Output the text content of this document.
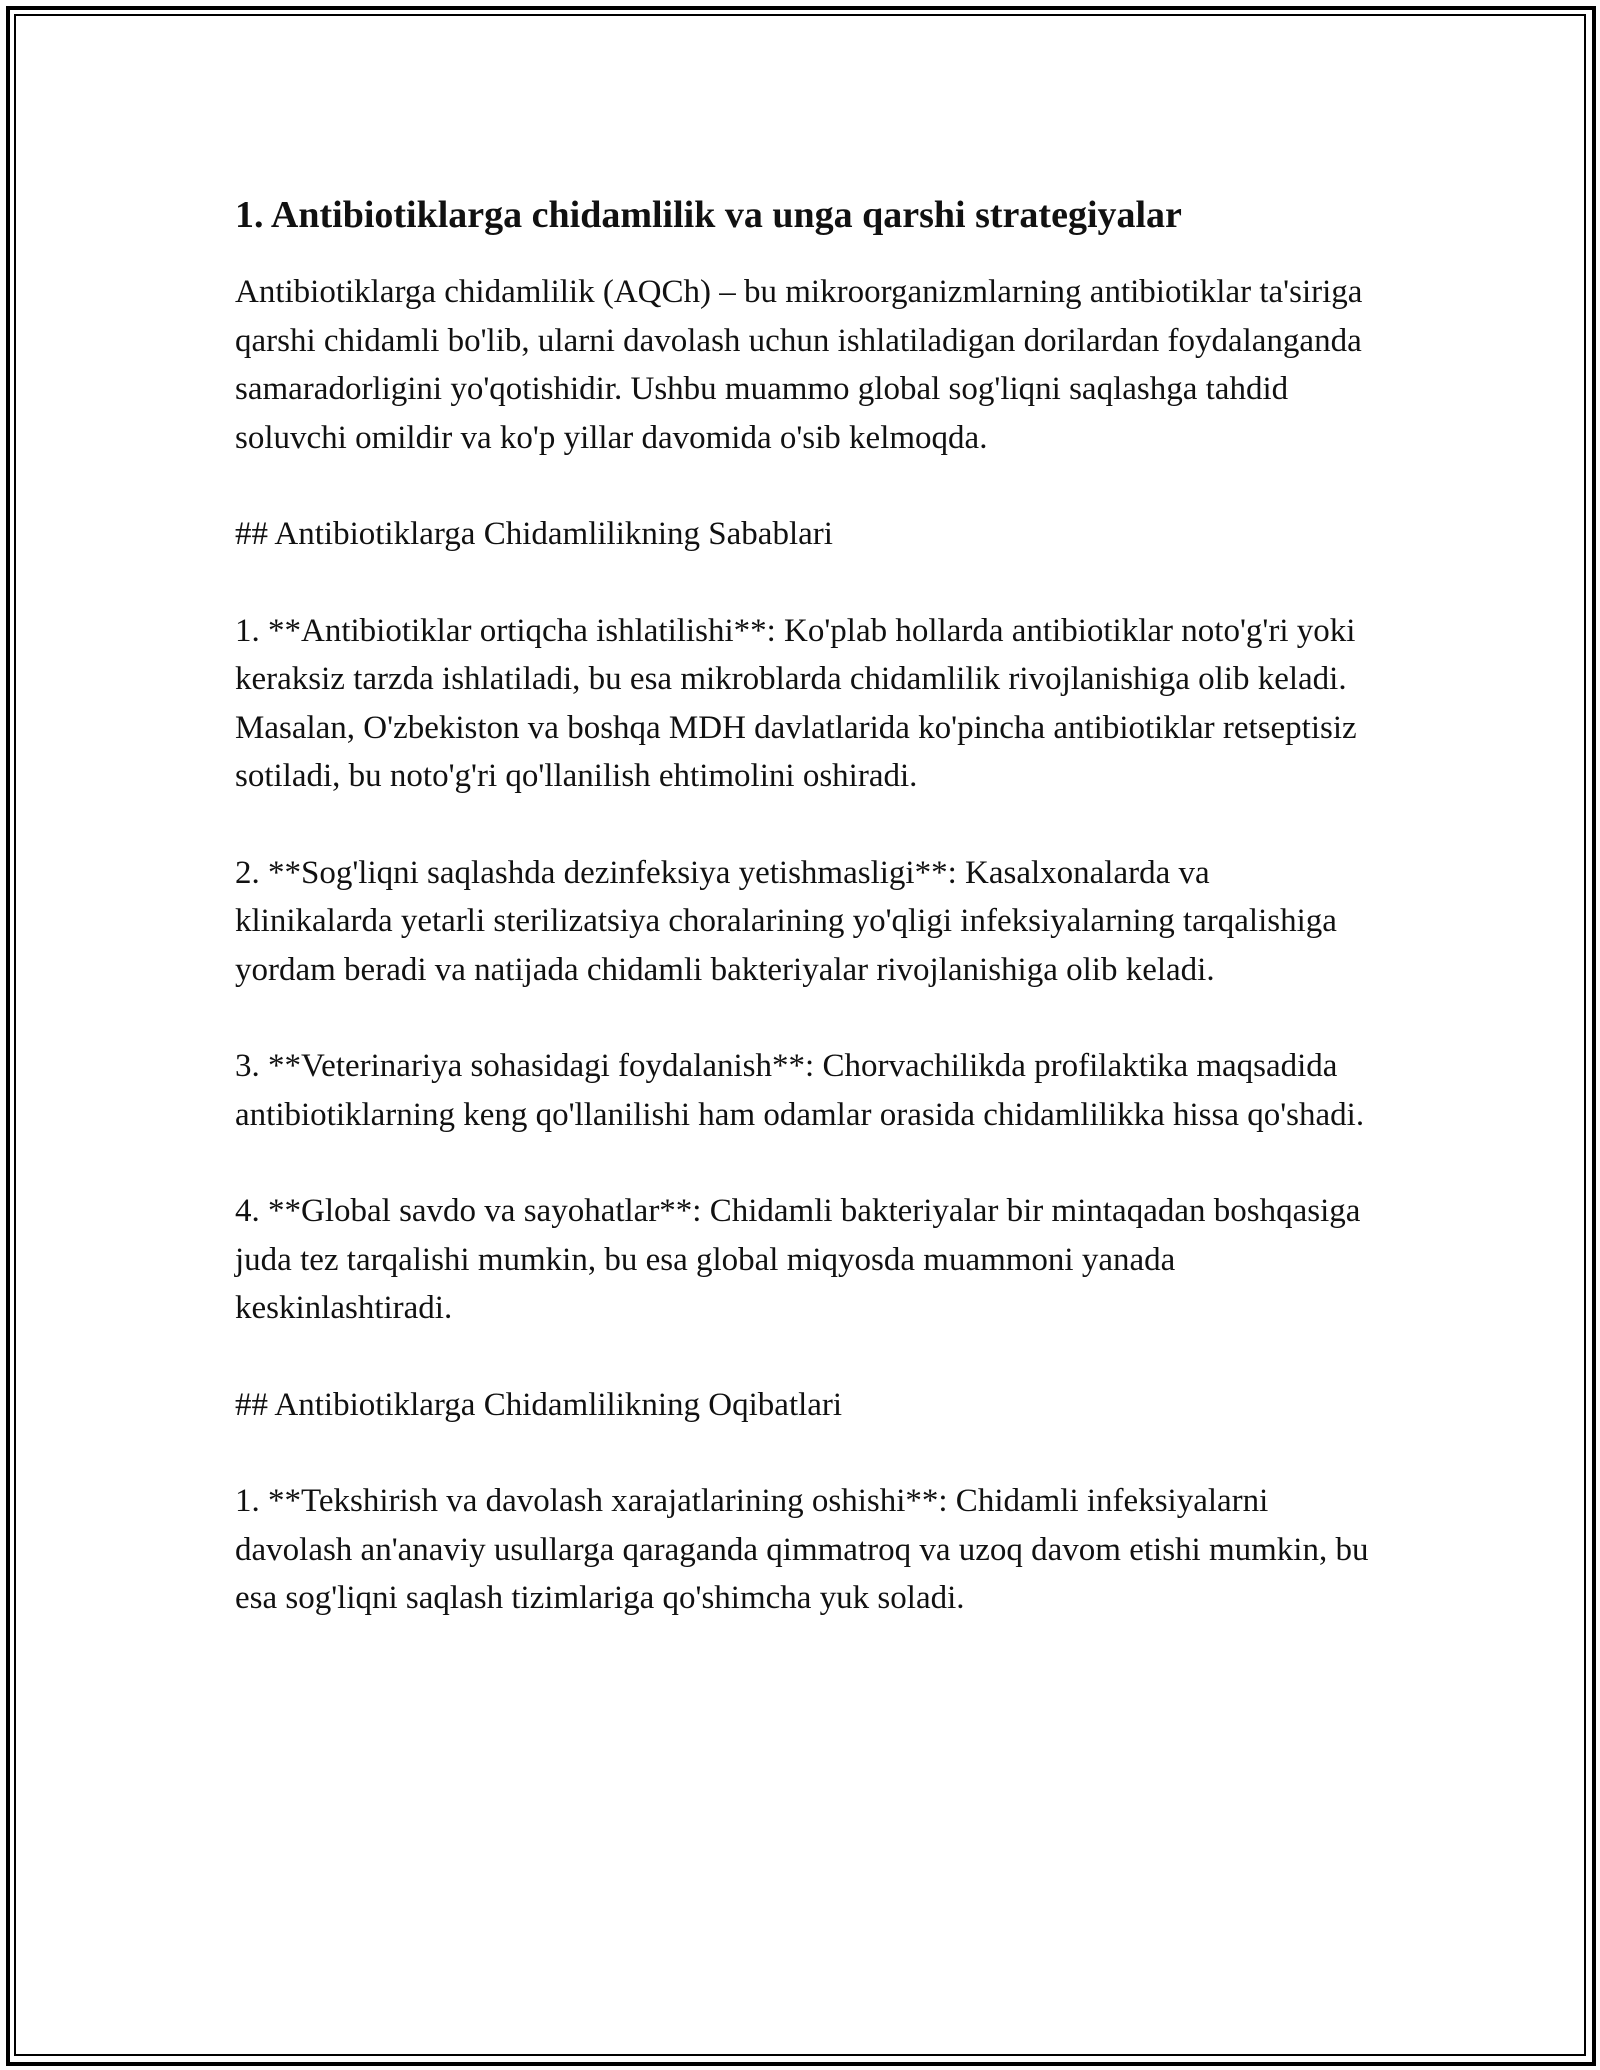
1. Antibiotiklarga chidamlilik va unga qarshi strategiyalar

Antibiotiklarga chidamlilik (AQCh) – bu mikroorganizmlarning antibiotiklar ta'siriga qarshi chidamli bo'lib, ularni davolash uchun ishlatiladigan dorilardan foydalanganda samaradorligini yo'qotishidir. Ushbu muammo global sog'liqni saqlashga tahdid soluvchi omildir va ko'p yillar davomida o'sib kelmoqda.

## Antibiotiklarga Chidamlilikning Sabablari

1. **Antibiotiklar ortiqcha ishlatilishi**: Ko'plab hollarda antibiotiklar noto'g'ri yoki keraksiz tarzda ishlatiladi, bu esa mikroblarda chidamlilik rivojlanishiga olib keladi. Masalan, O'zbekiston va boshqa MDH davlatlarida ko'pincha antibiotiklar retseptisiz sotiladi, bu noto'g'ri qo'llanilish ehtimolini oshiradi.

2. **Sog'liqni saqlashda dezinfeksiya yetishmasligi**: Kasalxonalarda va klinikalarda yetarli sterilizatsiya choralarining yo'qligi infeksiyalarning tarqalishiga yordam beradi va natijada chidamli bakteriyalar rivojlanishiga olib keladi.

3. **Veterinariya sohasidagi foydalanish**: Chorvachilikda profilaktika maqsadida antibiotiklarning keng qo'llanilishi ham odamlar orasida chidamlilikka hissa qo'shadi.

4. **Global savdo va sayohatlar**: Chidamli bakteriyalar bir mintaqadan boshqasiga juda tez tarqalishi mumkin, bu esa global miqyosda muammoni yanada keskinlashtiradi.

## Antibiotiklarga Chidamlilikning Oqibatlari

1. **Tekshirish va davolash xarajatlarining oshishi**: Chidamli infeksiyalarni davolash an'anaviy usullarga qaraganda qimmatroq va uzoq davom etishi mumkin, bu esa sog'liqni saqlash tizimlariga qo'shimcha yuk soladi.
